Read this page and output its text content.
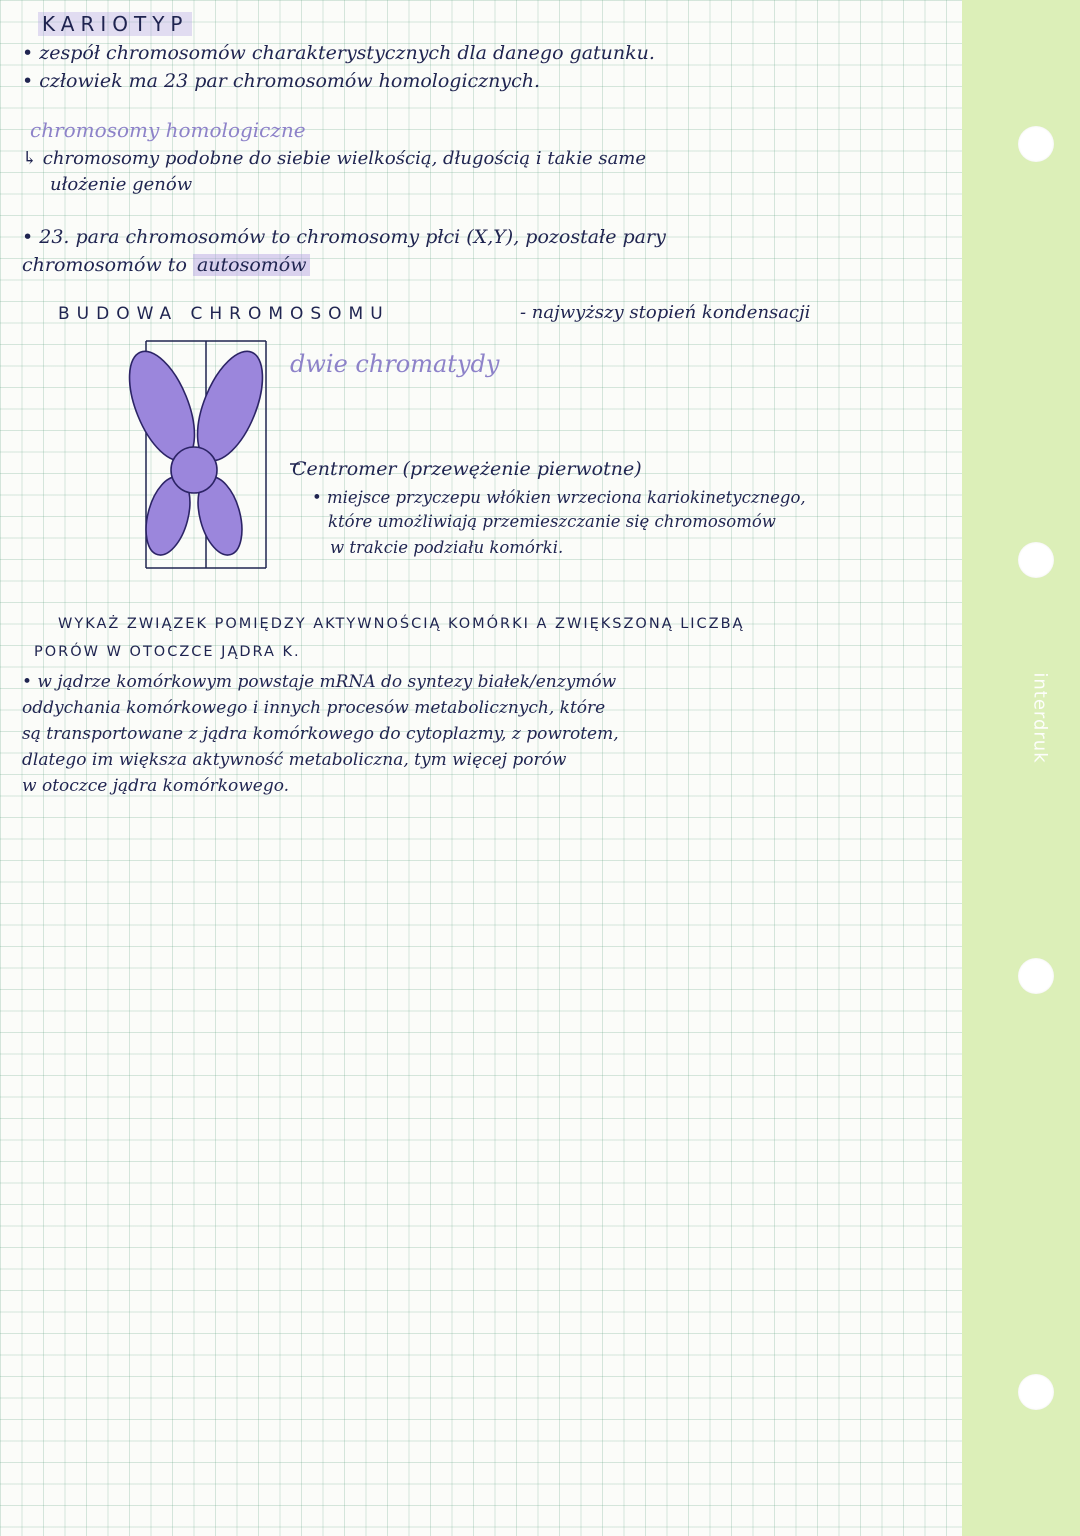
KARIOTYP
• zespół chromosomów charakterystycznych dla danego gatunku.
• człowiek ma 23 par chromosomów homologicznych.
chromosomy homologiczne
↳ chromosomy podobne do siebie wielkością, długością i takie same
ułożenie genów
• 23. para chromosomów to chromosomy płci (X,Y), pozostałe pary
chromosomów to autosomów
BUDOWA CHROMOSOMU	- najwyższy stopień kondensacji
dwie chromatydy
Centromer (przewężenie pierwotne)
• miejsce przyczepu włókien wrzeciona kariokinetycznego,
które umożliwiają przemieszczanie się chromosomów
w trakcie podziału komórki.
WYKAŻ ZWIĄZEK POMIĘDZY AKTYWNOŚCIĄ KOMÓRKI A ZWIĘKSZONĄ LICZBĄ
PORÓW W OTOCZCE JĄDRA K.
• w jądrze komórkowym powstaje mRNA do syntezy białek/enzymów
oddychania komórkowego i innych procesów metabolicznych, które
są transportowane z jądra komórkowego do cytoplazmy, z powrotem,
dlatego im większa aktywność metaboliczna, tym więcej porów
w otoczce jądra komórkowego.
interdruk
